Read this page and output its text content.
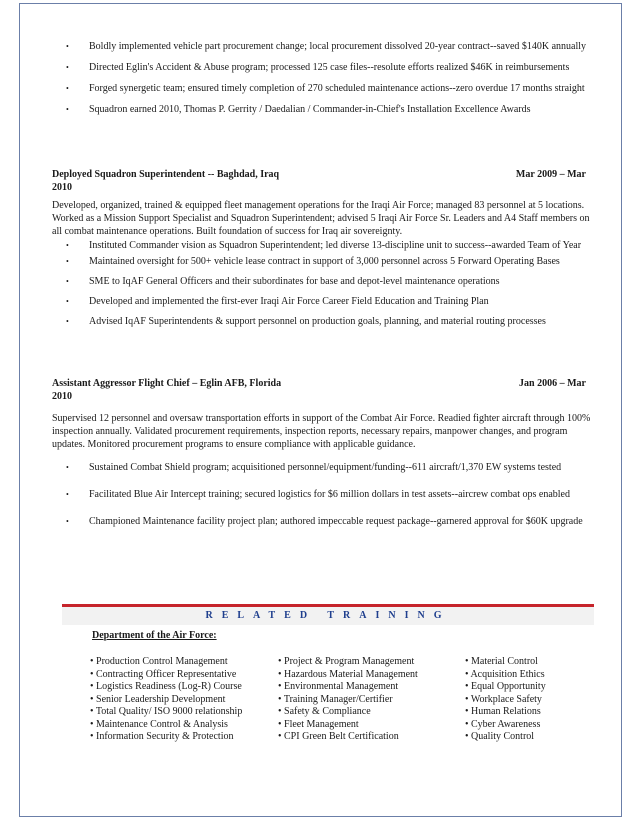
• Boldly implemented vehicle part procurement change; local procurement dissolved 20-year contract--saved $140K annually
• Directed Eglin's Accident & Abuse program; processed 125 case files--resolute efforts realized $46K in reimbursements
• Forged synergetic team; ensured timely completion of 270 scheduled maintenance actions--zero overdue 17 months straight
• Squadron earned 2010, Thomas P. Gerrity / Daedalian / Commander-in-Chief's Installation Excellence Awards
Deployed Squadron Superintendent -- Baghdad, Iraq	Mar 2009 – Mar
2010

Developed, organized, trained & equipped fleet management operations for the Iraqi Air Force; managed 83 personnel at 5 locations. Worked as a Mission Support Specialist and Squadron Superintendent; advised 5 Iraqi Air Force Sr. Leaders and A4 Staff members on all combat maintenance operations. Built foundation of success for Iraq air sovereignty.

• Instituted Commander vision as Squadron Superintendent; led diverse 13-discipline unit to success--awarded Team of Year
• Maintained oversight for 500+ vehicle lease contract in support of 3,000 personnel across 5 Forward Operating Bases
• SME to IqAF General Officers and their subordinates for base and depot-level maintenance operations
• Developed and implemented the first-ever Iraqi Air Force Career Field Education and Training Plan
• Advised IqAF Superintendents & support personnel on production goals, planning, and material routing processes
Assistant Aggressor Flight Chief – Eglin AFB, Florida	Jan 2006 – Mar
2010

Supervised 12 personnel and oversaw transportation efforts in support of the Combat Air Force. Readied fighter aircraft through 100% inspection annually. Validated procurement requirements, inspection reports, necessary repairs, manpower changes, and program updates. Monitored procurement programs to ensure compliance with applicable guidance.

• Sustained Combat Shield program; acquisitioned personnel/equipment/funding--611 aircraft/1,370 EW systems tested
• Facilitated Blue Air Intercept training; secured logistics for $6 million dollars in test assets--aircrew combat ops enabled
• Championed Maintenance facility project plan; authored impeccable request package--garnered approval for $60K upgrade
RELATED TRAINING
Department of the Air Force:
• Production Control Management
• Contracting Officer Representative
• Logistics Readiness (Log-R) Course
• Senior Leadership Development
• Total Quality/ ISO 9000 relationship
• Maintenance Control & Analysis
• Information Security & Protection
• Project & Program Management
• Hazardous Material Management
• Environmental Management
• Training Manager/Certifier
• Safety & Compliance
• Fleet Management
• CPI Green Belt Certification
• Material Control
• Acquisition Ethics
• Equal Opportunity
• Workplace Safety
• Human Relations
• Cyber Awareness
• Quality Control
